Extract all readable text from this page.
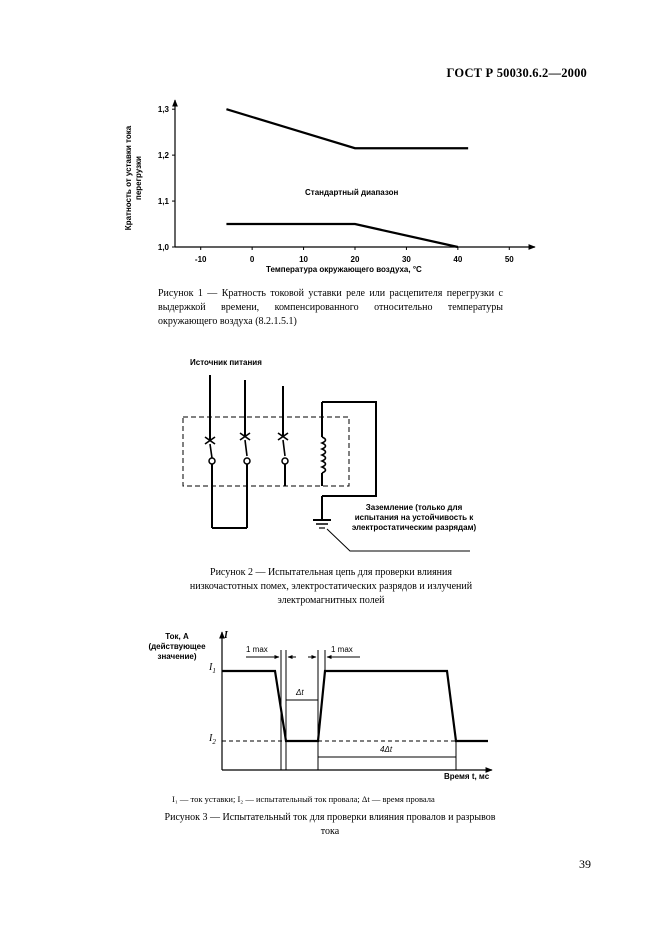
ГОСТ Р 50030.6.2—2000
-10	0	10	20	30	40	50
1,0
1,1
1,2
1,3
Кратность от уставки тока
перегрузки	Стандартный диапазон
Температура окружающего воздуха, °С
Рисунок 1 — Кратность токовой уставки реле или расцепителя перегрузки с выдержкой времени, компенсированного относительно температуры окружающего воздуха (8.2.1.5.1)
Источник питания
Заземление (только для испытания на устойчивость к электростатическим разрядам)
Рисунок 2 — Испытательная цепь для проверки влияния низкочастотных помех, электростатических разрядов и излучений электромагнитных полей
Ток, А (действующее значение)
I
$I_1$
$I_2$
1 max	1 max
Δt
4Δt
Время t, мс
I₁ — ток уставки; I₂ — испытательный ток провала; Δt — время провала
Рисунок 3 — Испытательный ток для проверки влияния провалов и разрывов тока
39
